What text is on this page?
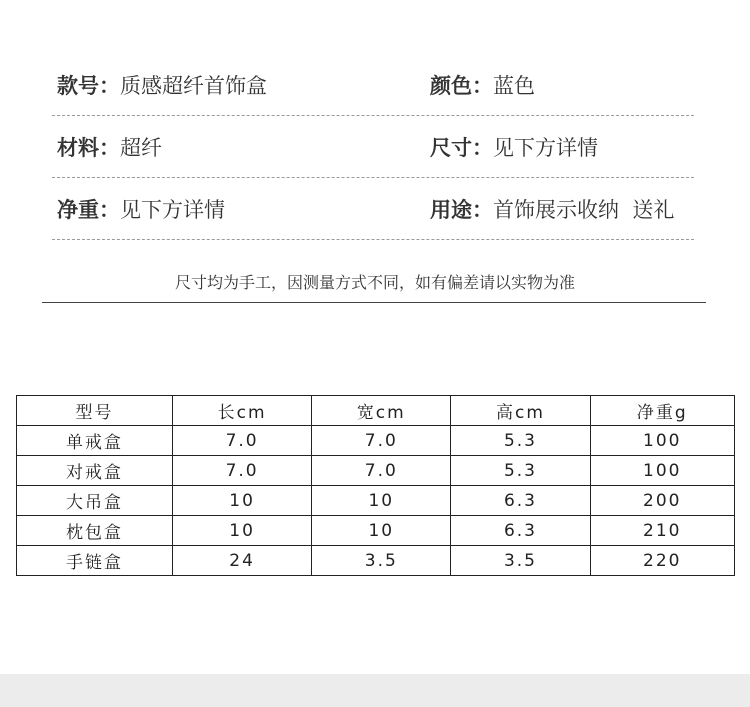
款号：质感超纤首饰盒	颜色：蓝色
材料：超纤	尺寸：见下方详情
净重：见下方详情	用途：首饰展示收纳  送礼
尺寸均为手工，因测量方式不同，如有偏差请以实物为准
型号	长cm	宽cm	高cm	净重g
单戒盒	7.0	7.0	5.3	100
对戒盒	7.0	7.0	5.3	100
大吊盒	10	10	6.3	200
枕包盒	10	10	6.3	210
手链盒	24	3.5	3.5	220
